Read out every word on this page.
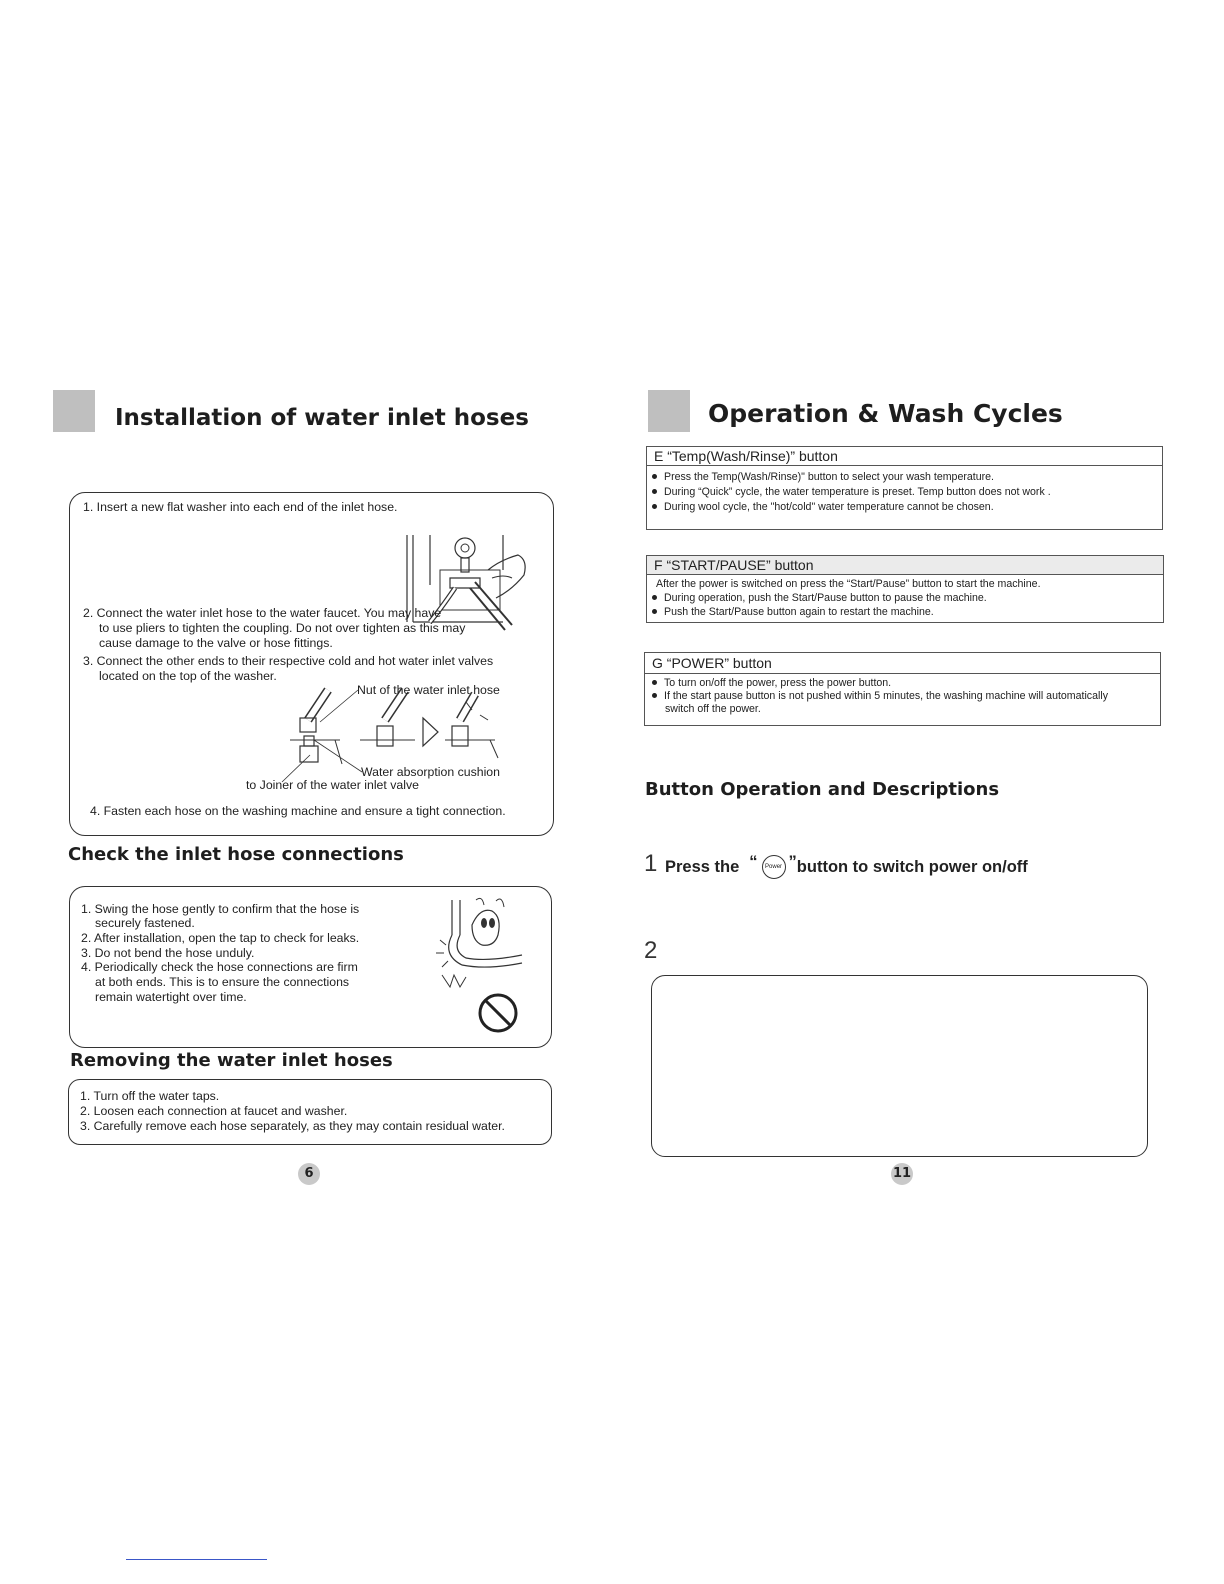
Installation of water inlet hoses
1. Insert a new flat washer into each end of the inlet hose.
2. Connect the water inlet hose to the water faucet. You may have
to use pliers to tighten the coupling. Do not over tighten as this may
cause damage to the valve or hose fittings.
3. Connect the other ends to their respective cold and hot water inlet valves
located on the top of the washer.
Nut of the water inlet hose
Water absorption cushion
to Joiner of the water inlet valve
4. Fasten each hose on the washing machine and ensure a tight connection.
Check the inlet hose connections
1. Swing the hose gently to confirm that the hose is
securely fastened.
2. After installation, open the tap to check for leaks.
3. Do not bend the hose unduly.
4. Periodically check the hose connections are firm
at both ends. This is to ensure the connections
remain watertight over time.
Removing the water inlet hoses
1. Turn off the water taps.
2. Loosen each connection at faucet and washer.
3. Carefully remove each hose separately, as they may contain residual water.
6
Operation & Wash Cycles
E “Temp(Wash/Rinse)” button
Press the Temp(Wash/Rinse)" button to select your wash temperature.
During “Quick” cycle, the water temperature is preset. Temp button does not work .
During wool cycle, the "hot/cold" water temperature cannot be chosen.
F “START/PAUSE” button
After the power is switched on press the “Start/Pause” button to start the machine.
During operation, push the Start/Pause button to pause the machine.
Push the Start/Pause button again to restart the machine.
G “POWER” button
To turn on/off the power, press the power button.
If the start pause button is not pushed within 5 minutes, the washing machine will automatically
switch off the power.
Button Operation and Descriptions
1 Press the “	Power ” button to switch power on/off
2
11
